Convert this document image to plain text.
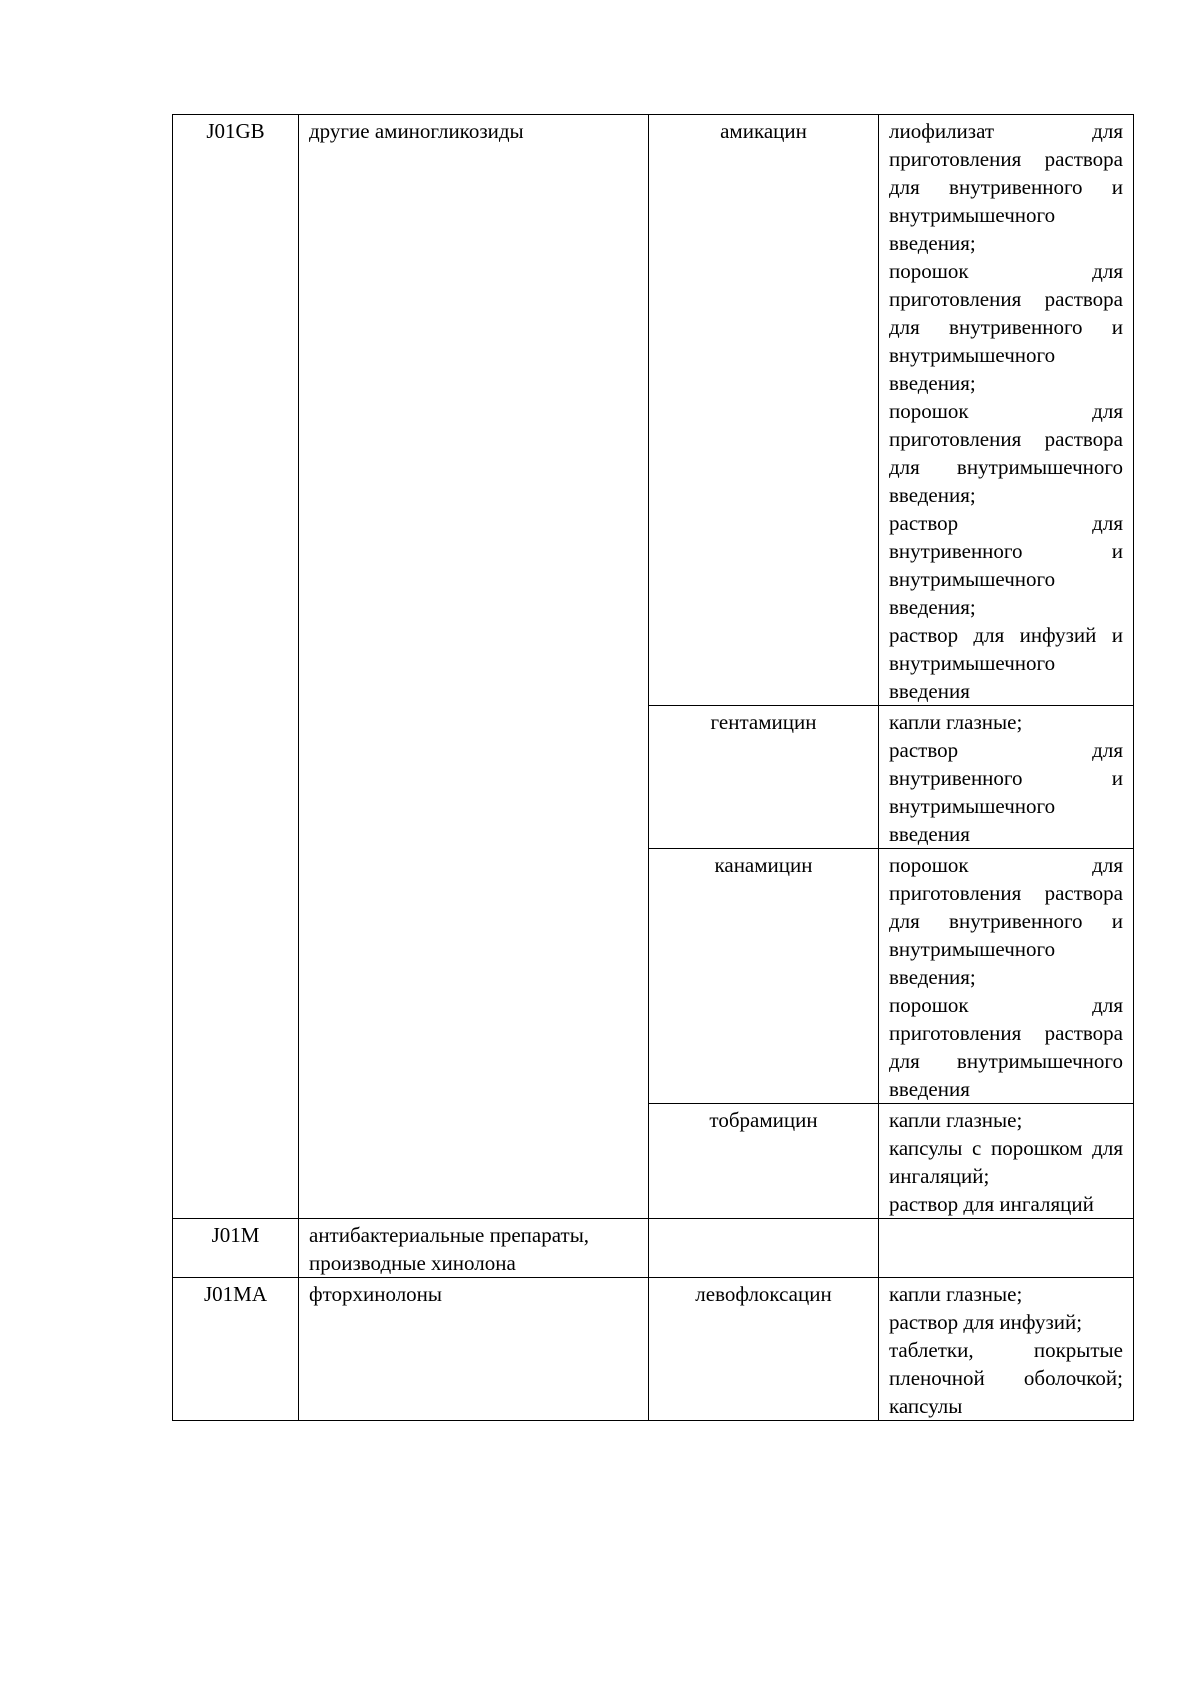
J01GB	другие аминогликозиды	амикацин	лиофилизат для приготовления раствора для внутривенного и внутримышечного введения;
порошок для приготовления раствора для внутривенного и внутримышечного введения;
порошок для приготовления раствора для внутримышечного введения;
раствор для внутривенного и внутримышечного введения;
раствор для инфузий и внутримышечного введения

		гентамицин	капли глазные;
раствор для внутривенного и внутримышечного введения

		канамицин	порошок для приготовления раствора для внутривенного и внутримышечного введения;
порошок для приготовления раствора для внутримышечного введения

		тобрамицин	капли глазные;
капсулы с порошком для ингаляций;
раствор для ингаляций

J01M	антибактериальные препараты, производные хинолона		
J01MA	фторхинолоны	левофлоксацин	капли глазные;
раствор для инфузий;
таблетки, покрытые пленочной оболочкой;
капсулы
